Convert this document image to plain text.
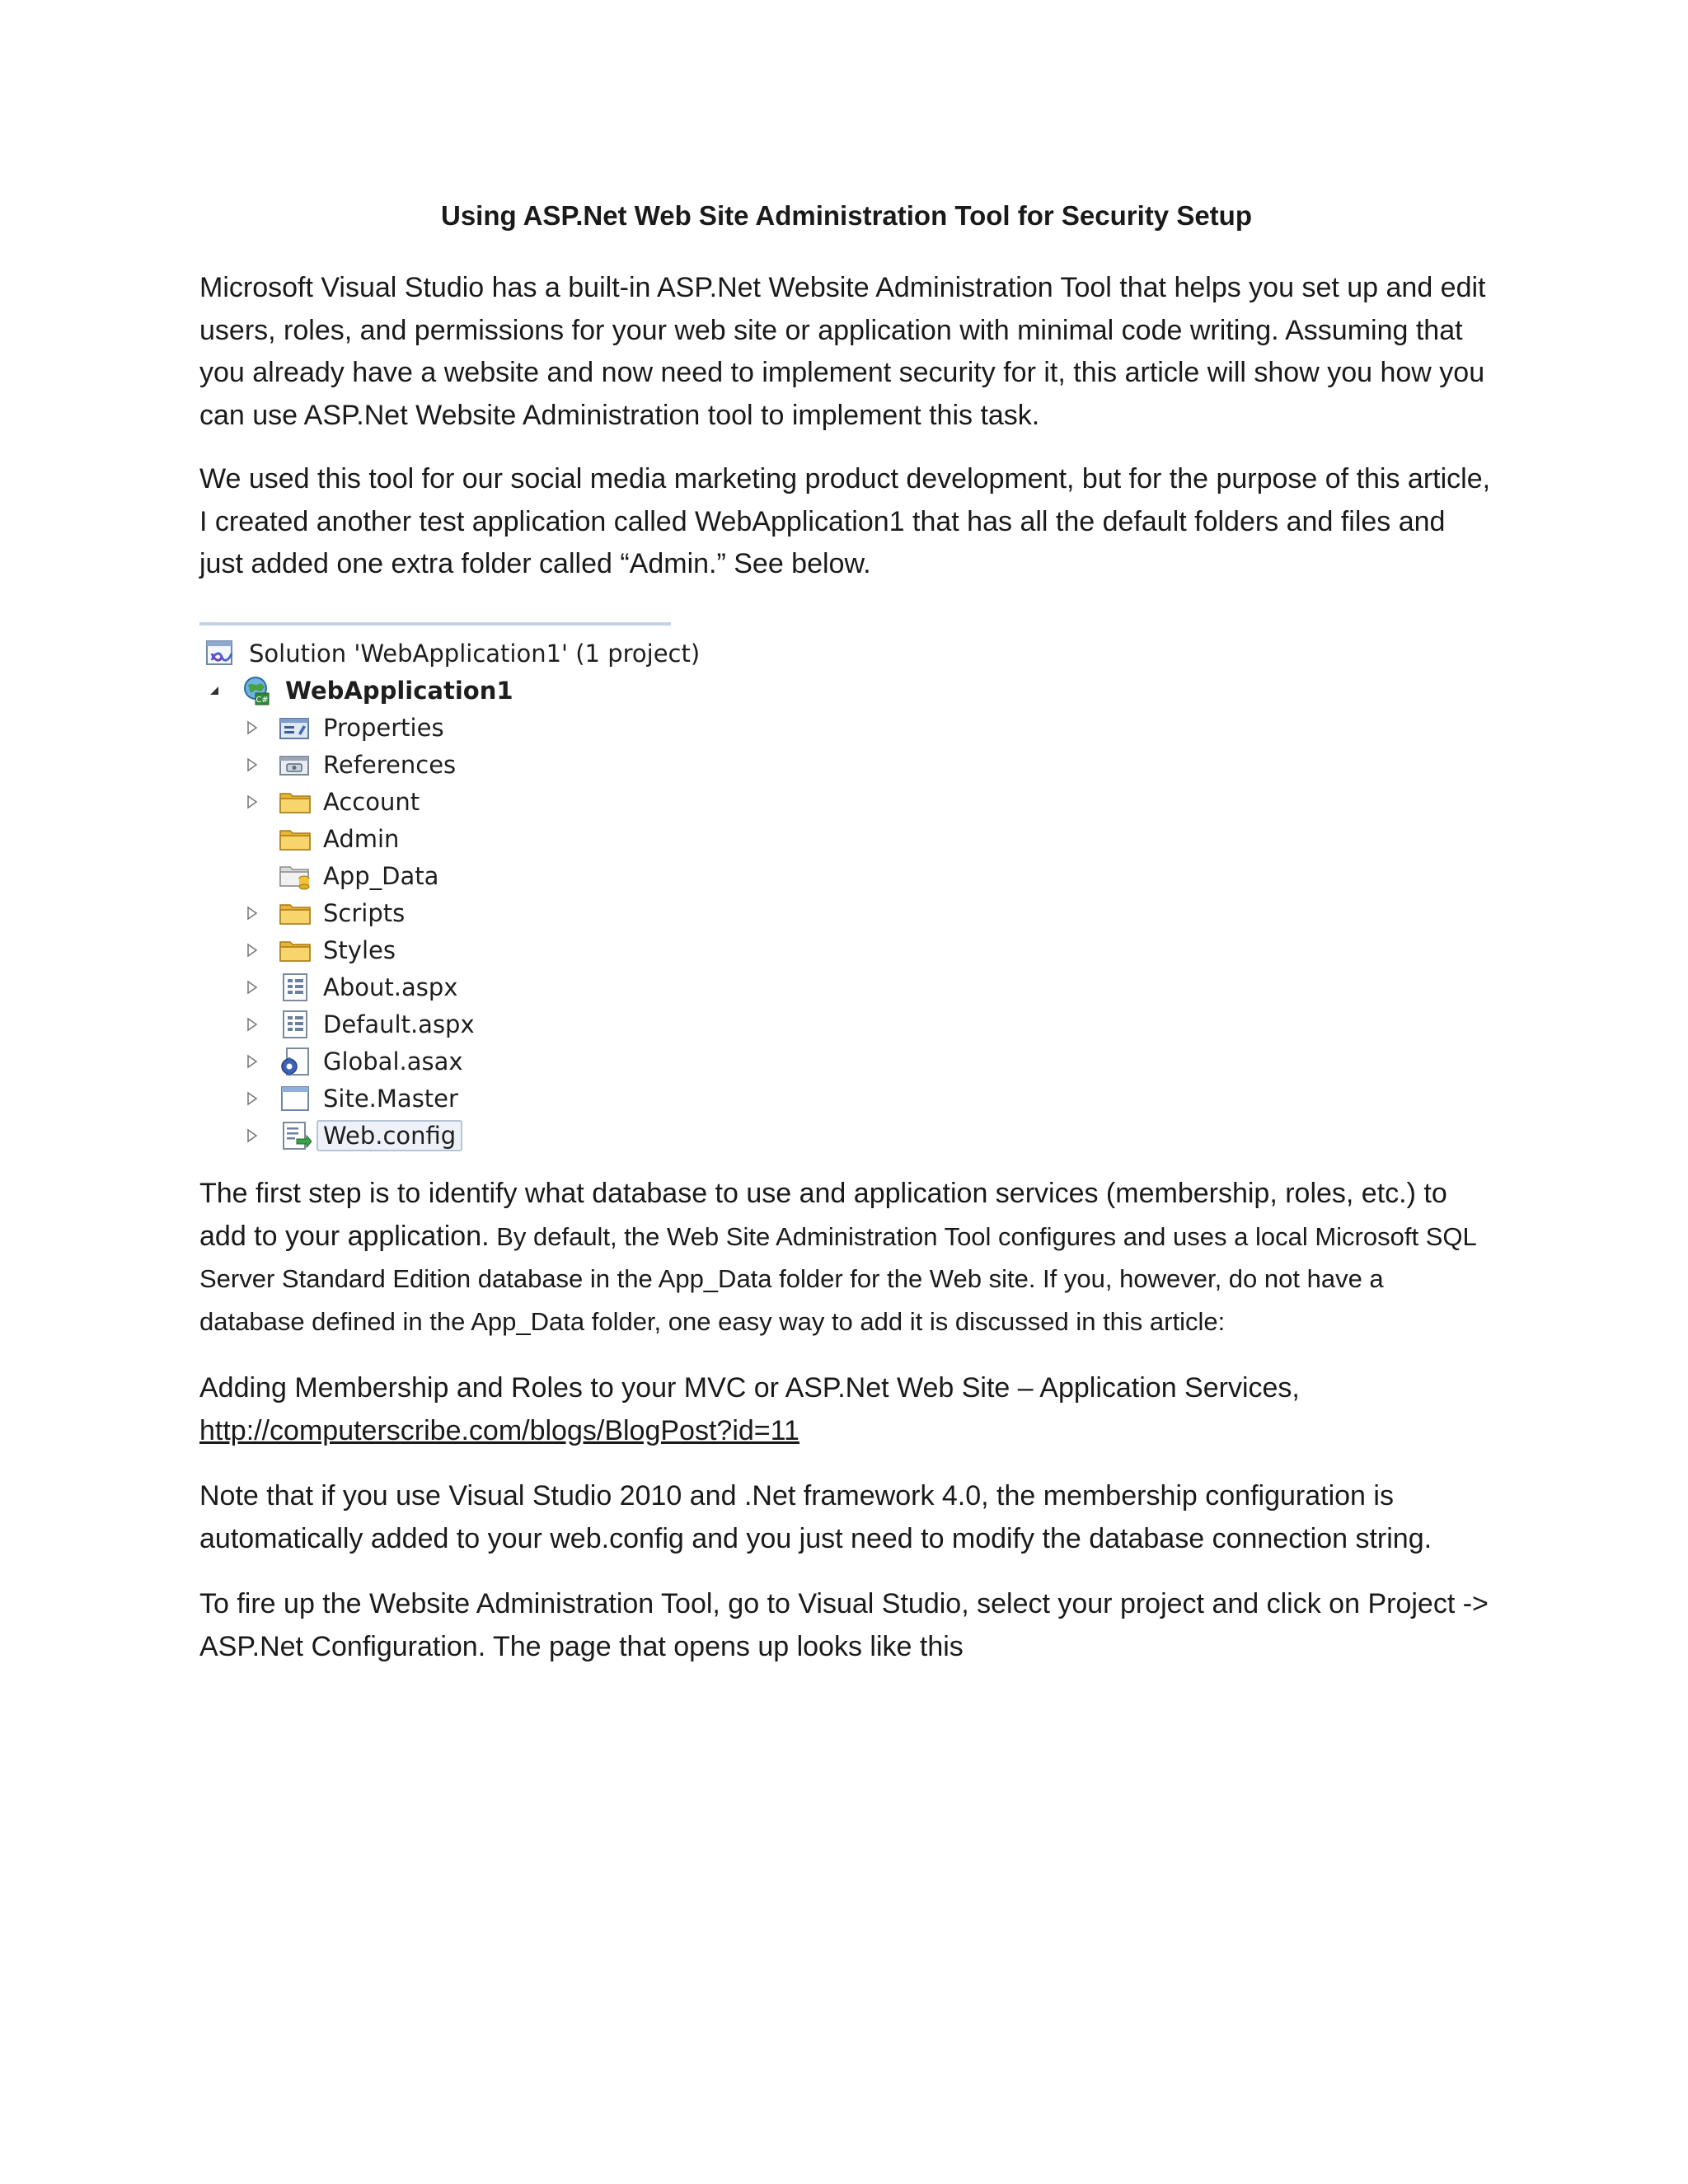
Using ASP.Net Web Site Administration Tool for Security Setup

Microsoft Visual Studio has a built-in ASP.Net Website Administration Tool that helps you set up and edit users, roles, and permissions for your web site or application with minimal code writing. Assuming that you already have a website and now need to implement security for it, this article will show you how you can use ASP.Net Website Administration tool to implement this task.

We used this tool for our social media marketing product development, but for the purpose of this article, I created another test application called WebApplication1 that has all the default folders and files and just added one extra folder called “Admin.” See below.

Solution 'WebApplication1' (1 project)
C# WebApplication1
Properties
References
Account
Admin
App_Data
Scripts
Styles
About.aspx
Default.aspx
Global.asax
Site.Master
Web.config

The first step is to identify what database to use and application services (membership, roles, etc.) to add to your application. By default, the Web Site Administration Tool configures and uses a local Microsoft SQL Server Standard Edition database in the App_Data folder for the Web site. If you, however, do not have a database defined in the App_Data folder, one easy way to add it is discussed in this article:

Adding Membership and Roles to your MVC or ASP.Net Web Site – Application Services,
http://computerscribe.com/blogs/BlogPost?id=11

Note that if you use Visual Studio 2010 and .Net framework 4.0, the membership configuration is automatically added to your web.config and you just need to modify the database connection string.

To fire up the Website Administration Tool, go to Visual Studio, select your project and click on Project -> ASP.Net Configuration. The page that opens up looks like this
